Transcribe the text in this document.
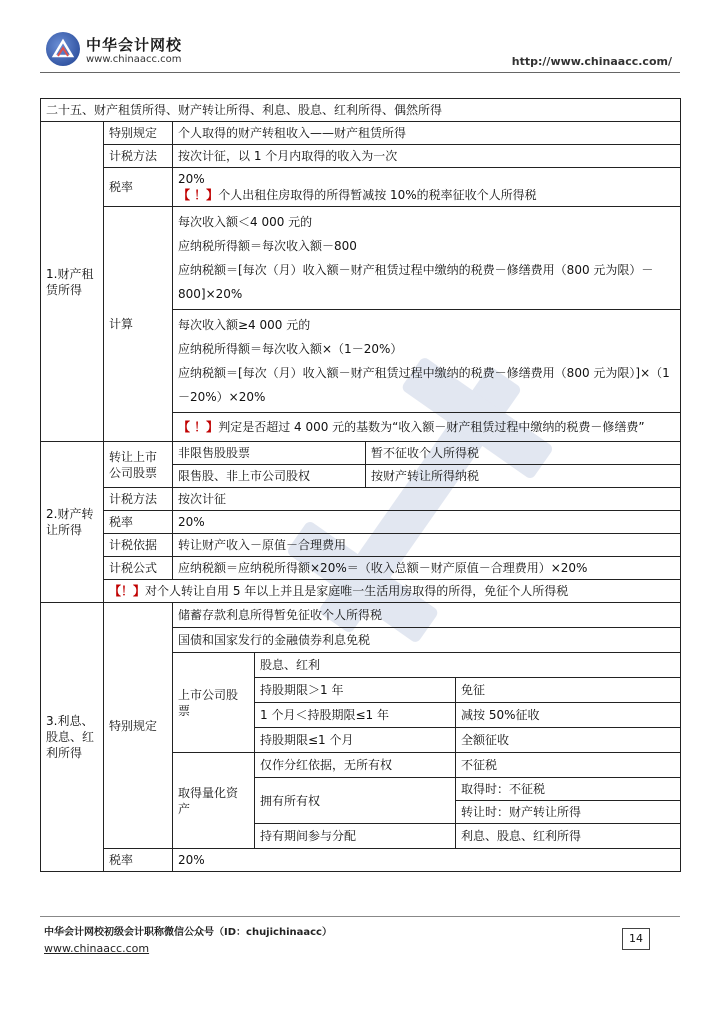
中华会计网校
www.chinaacc.com	http://www.chinaacc.com/
二十五、财产租赁所得、财产转让所得、利息、股息、红利所得、偶然所得					
1.财产租赁所得	特别规定	个人取得的财产转租收入——财产租赁所得			
	计税方法	按次计征，以 1 个月内取得的收入为一次			
	税率	20%
【 ！】个人出租住房取得的所得暂减按 10%的税率征收个人所得税			

	计算	每次收入额＜4 000 元的
应纳税所得额＝每次收入额－800
应纳税额＝[每次（月）收入额－财产租赁过程中缴纳的税费－修缮费用（800 元为限）－800]×20%			

		每次收入额≥4 000 元的
应纳税所得额＝每次收入额×（1－20%）
应纳税额＝[每次（月）收入额－财产租赁过程中缴纳的税费－修缮费用（800 元为限）]×（1－20%）×20%			

		【 ！】判定是否超过 4 000 元的基数为“收入额－财产租赁过程中缴纳的税费－修缮费”			
2.财产转让所得	转让上市公司股票	非限售股股票		暂不征收个人所得税	
		限售股、非上市公司股权		按财产转让所得纳税	
	计税方法	按次计征			
	税率	20%			
	计税依据	转让财产收入－原值－合理费用			
	计税公式	应纳税额＝应纳税所得额×20%＝（收入总额－财产原值－合理费用）×20%			
	【！】对个人转让自用 5 年以上并且是家庭唯一生活用房取得的所得，免征个人所得税				
3.利息、股息、红利所得	特别规定	储蓄存款利息所得暂免征收个人所得税			
		国债和国家发行的金融债券利息免税			
		上市公司股票	股息、红利		
			持股期限＞1 年		免征
			1 个月＜持股期限≤1 年		减按 50%征收
			持股期限≤1 个月		全额征收
		取得量化资产	仅作分红依据，无所有权		不征税
			拥有所有权		取得时：不征税

					转让时：财产转让所得

			持有期间参与分配		利息、股息、红利所得
	税率	20%			
中华会计网校初级会计职称微信公众号（ID：chujichinaacc）
www.chinaacc.com
14
